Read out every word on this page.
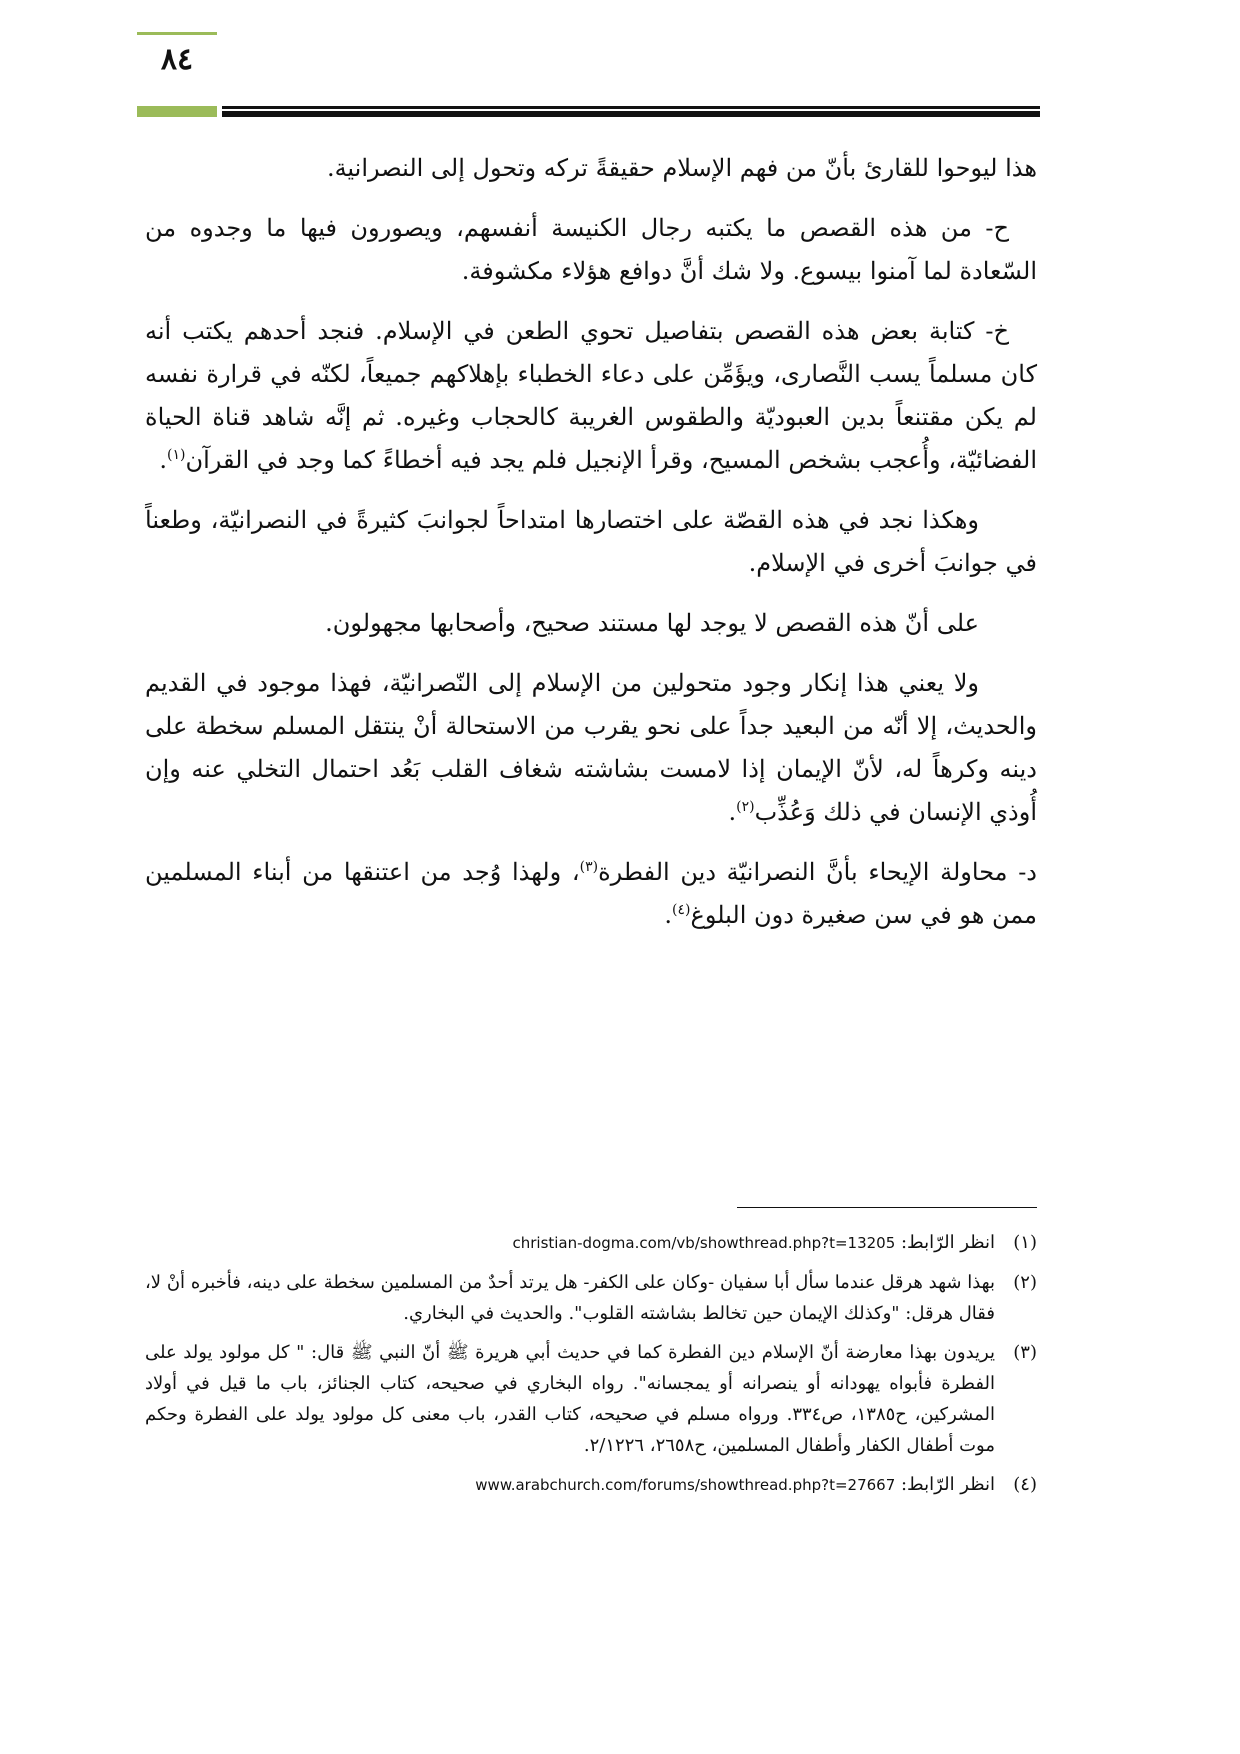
٨٤

هذا ليوحوا للقارئ بأنّ من فهم الإسلام حقيقةً تركه وتحول إلى النصرانية.

ح- من هذه القصص ما يكتبه رجال الكنيسة أنفسهم، ويصورون فيها ما وجدوه من السّعادة لما آمنوا بيسوع. ولا شك أنَّ دوافع هؤلاء مكشوفة.

خ- كتابة بعض هذه القصص بتفاصيل تحوي الطعن في الإسلام. فنجد أحدهم يكتب أنه كان مسلماً يسب النَّصارى، ويؤَمِّن على دعاء الخطباء بإهلاكهم جميعاً، لكنّه في قرارة نفسه لم يكن مقتنعاً بدين العبوديّة والطقوس الغريبة كالحجاب وغيره. ثم إنَّه شاهد قناة الحياة الفضائيّة، وأُعجب بشخص المسيح، وقرأ الإنجيل فلم يجد فيه أخطاءً كما وجد في القرآن$^{(١)}$.

وهكذا نجد في هذه القصّة على اختصارها امتداحاً لجوانبَ كثيرةً في النصرانيّة، وطعناً في جوانبَ أخرى في الإسلام.

على أنّ هذه القصص لا يوجد لها مستند صحيح، وأصحابها مجهولون.

ولا يعني هذا إنكار وجود متحولين من الإسلام إلى النّصرانيّة، فهذا موجود في القديم والحديث، إلا أنّه من البعيد جداً على نحو يقرب من الاستحالة أنْ ينتقل المسلم سخطة على دينه وكرهاً له، لأنّ الإيمان إذا لامست بشاشته شغاف القلب بَعُد احتمال التخلي عنه وإن أُوذي الإنسان في ذلك وَعُذِّب$^{(٢)}$.

د- محاولة الإيحاء بأنَّ النصرانيّة دين الفطرة$^{(٣)}$، ولهذا وُجد من اعتنقها من أبناء المسلمين ممن هو في سن صغيرة دون البلوغ$^{(٤)}$.

(١)
انظر الرّابط: christian-dogma.com/vb/showthread.php?t=13205
(٢)
بهذا شهد هرقل عندما سأل أبا سفيان -وكان على الكفر- هل يرتد أحدٌ من المسلمين سخطة على دينه، فأخبره أنْ لا، فقال هرقل: "وكذلك الإيمان حين تخالط بشاشته القلوب". والحديث في البخاري.
(٣)
يريدون بهذا معارضة أنّ الإسلام دين الفطرة كما في حديث أبي هريرة ﷺ أنّ النبي ﷺ قال: " كل مولود يولد على الفطرة فأبواه يهودانه أو ينصرانه أو يمجسانه". رواه البخاري في صحيحه، كتاب الجنائز، باب ما قيل في أولاد المشركين، ح١٣٨٥، ص٣٣٤. ورواه مسلم في صحيحه، كتاب القدر، باب معنى كل مولود يولد على الفطرة وحكم موت أطفال الكفار وأطفال المسلمين، ح٢٦٥٨، ٢/١٢٢٦.
(٤)
انظر الرّابط: www.arabchurch.com/forums/showthread.php?t=27667
